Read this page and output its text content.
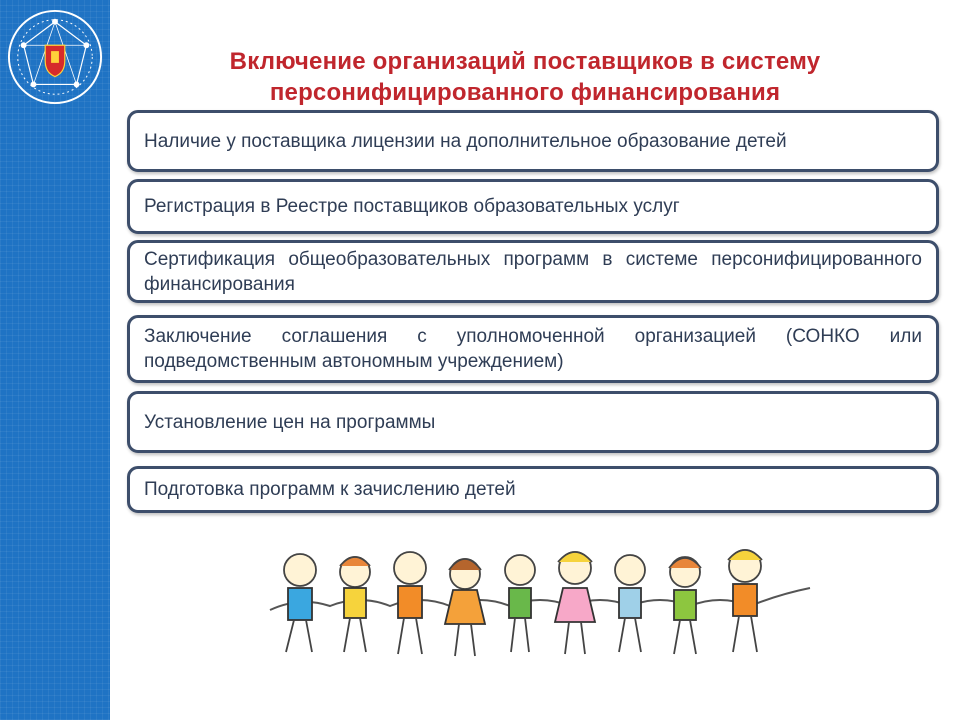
Включение организаций поставщиков в систему персонифицированного финансирования
Наличие у поставщика лицензии на дополнительное образование детей
Регистрация в Реестре поставщиков образовательных услуг
Сертификация общеобразовательных программ в системе персонифицированного финансирования
Заключение соглашения с уполномоченной организацией (СОНКО или подведомственным автономным учреждением)
Установление цен на программы
Подготовка программ к зачислению детей
